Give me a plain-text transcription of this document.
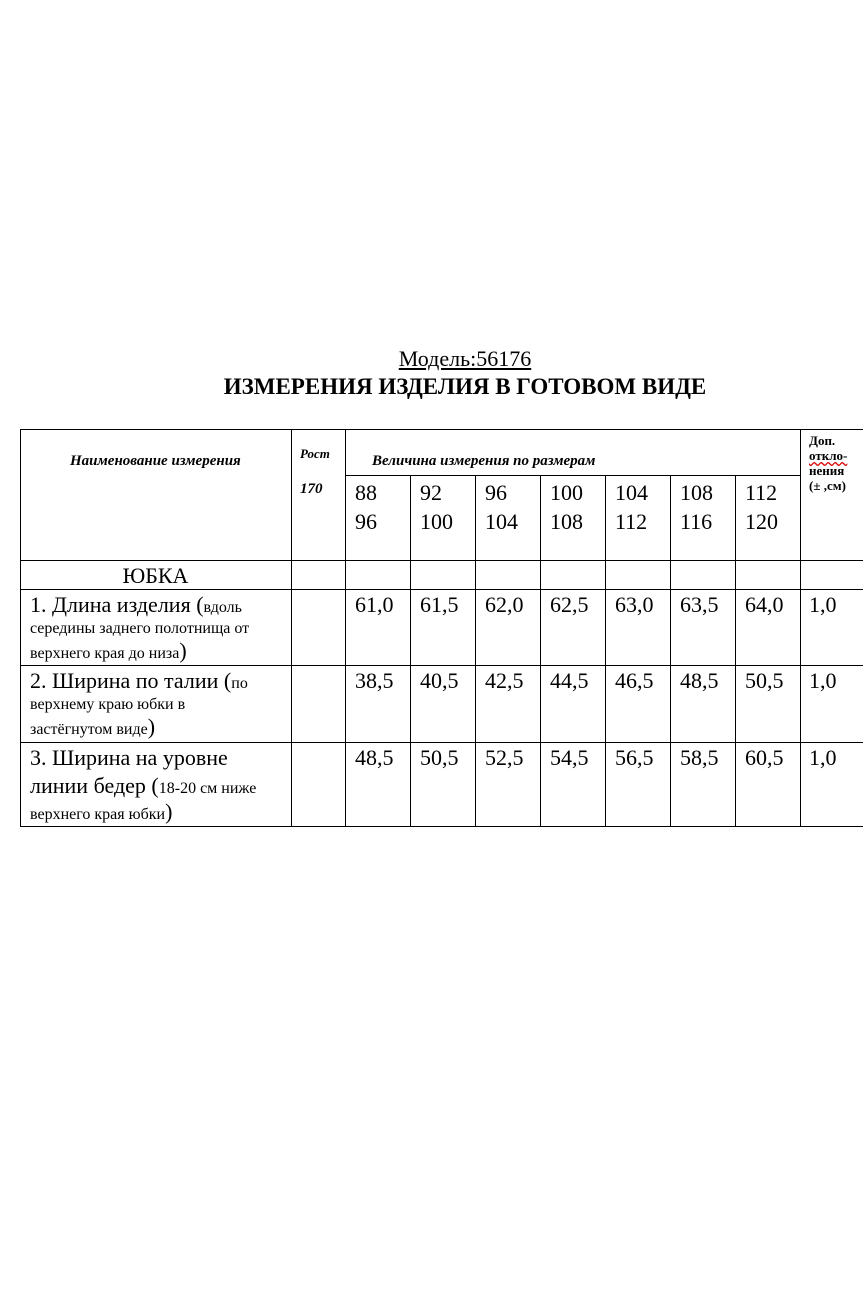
Модель:56176
ИЗМЕРЕНИЯ ИЗДЕЛИЯ В ГОТОВОМ ВИДЕ
Наименование измерения	Рост
170
Величина измерения по размерам
Доп.
откло-
нения
(± ,см)
88
96
92
100
96
104
100
108
104
112
108
116
112
120
ЮБКА
1. Длина изделия (вдоль
середины заднего полотнища от
верхнего края до низа)
61,0 61,5 62,0 62,5 63,0 63,5 64,0 1,0
2. Ширина по талии (по
верхнему краю юбки в
застёгнутом виде)
38,5 40,5 42,5 44,5 46,5 48,5 50,5 1,0
3. Ширина на уровне
линии бедер (18-20 см ниже
верхнего края юбки)
48,5 50,5 52,5 54,5 56,5 58,5 60,5 1,0
